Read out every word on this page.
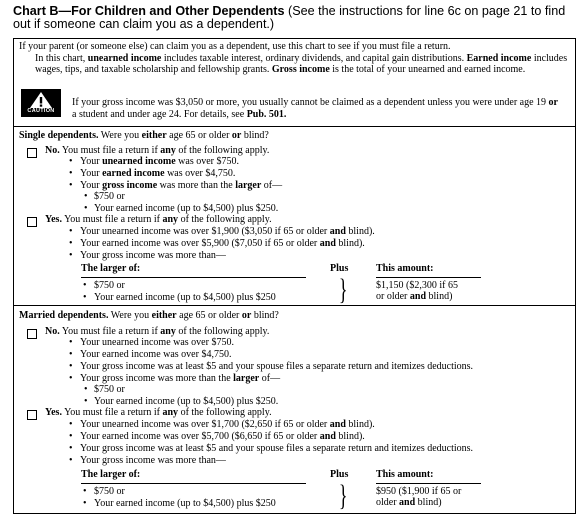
Chart B—For Children and Other Dependents (See the instructions for line 6c on page 21 to find out if someone can claim you as a dependent.)
If your parent (or someone else) can claim you as a dependent, use this chart to see if you must file a return.
In this chart, unearned income includes taxable interest, ordinary dividends, and capital gain distributions. Earned income includes wages, tips, and taxable scholarship and fellowship grants. Gross income is the total of your unearned and earned income.
CAUTION
If your gross income was $3,050 or more, you usually cannot be claimed as a dependent unless you were under age 19 or a student and under age 24. For details, see Pub. 501.
Single dependents. Were you either age 65 or older or blind?
No. You must file a return if any of the following apply.
• Your unearned income was over $750.
• Your earned income was over $4,750.
• Your gross income was more than the larger of—
• $750 or
• Your earned income (up to $4,500) plus $250.
Yes. You must file a return if any of the following apply.
• Your unearned income was over $1,900 ($3,050 if 65 or older and blind).
• Your earned income was over $5,900 ($7,050 if 65 or older and blind).
• Your gross income was more than—
The larger of:	Plus	This amount:
• $750 or
• Your earned income (up to $4,500) plus $250 }	$1,150 ($2,300 if 65
or older and blind)
Married dependents. Were you either age 65 or older or blind?
No. You must file a return if any of the following apply.
• Your unearned income was over $750.
• Your earned income was over $4,750.
• Your gross income was at least $5 and your spouse files a separate return and itemizes deductions.
• Your gross income was more than the larger of—
• $750 or
• Your earned income (up to $4,500) plus $250.
Yes. You must file a return if any of the following apply.
• Your unearned income was over $1,700 ($2,650 if 65 or older and blind).
• Your earned income was over $5,700 ($6,650 if 65 or older and blind).
• Your gross income was at least $5 and your spouse files a separate return and itemizes deductions.
• Your gross income was more than—
The larger of:	Plus	This amount:
• $750 or
• Your earned income (up to $4,500) plus $250 }	$950 ($1,900 if 65 or
older and blind)
